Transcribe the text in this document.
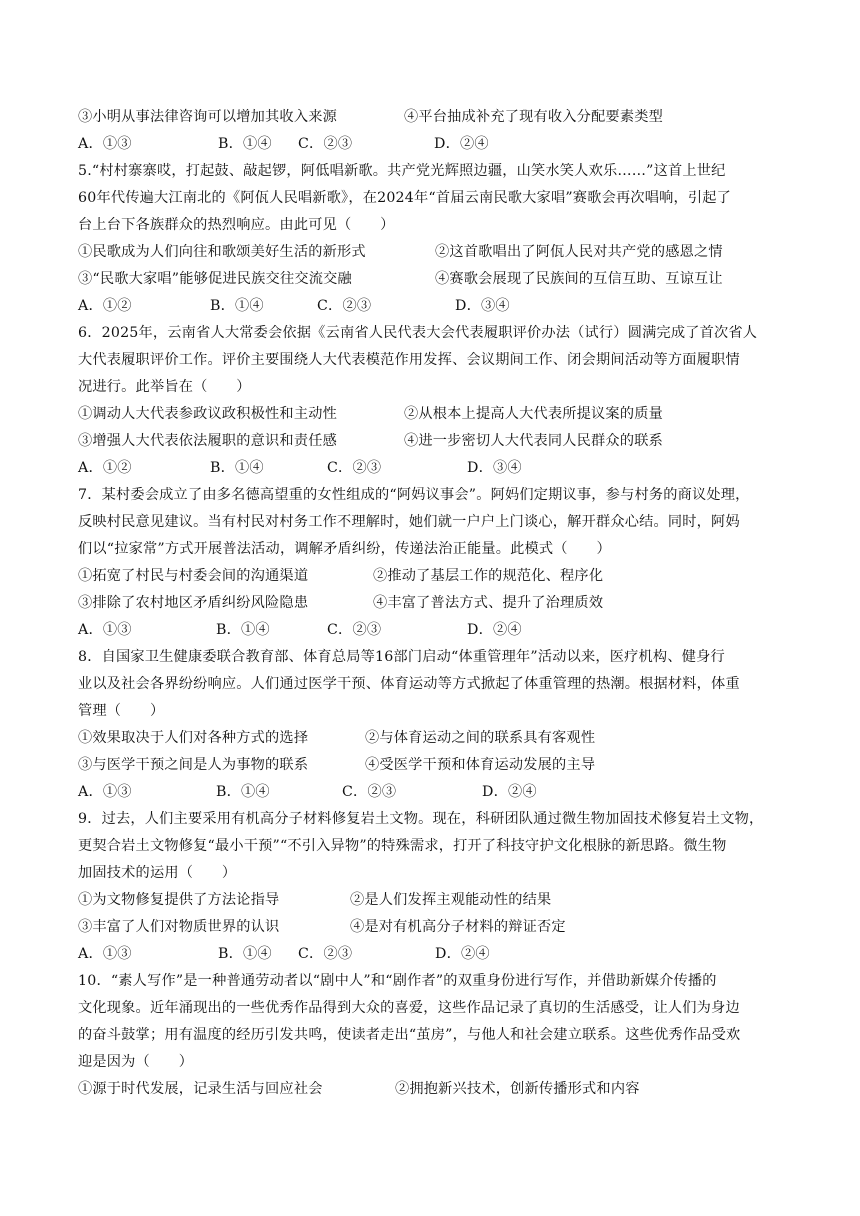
③小明从事法律咨询可以增加其收入来源	④平台抽成补充了现有收入分配要素类型
A．①③	B．①④ C．②③	D．②④
5.“村村寨寨哎，打起鼓、敲起锣，阿低唱新歌。共产党光辉照边疆，山笑水笑人欢乐……”这首上世纪
60年代传遍大江南北的《阿佤人民唱新歌》，在2024年“首届云南民歌大家唱”赛歌会再次唱响，引起了
台上台下各族群众的热烈响应。由此可见（　　）
①民歌成为人们向往和歌颂美好生活的新形式	②这首歌唱出了阿佤人民对共产党的感恩之情
③“民歌大家唱”能够促进民族交往交流交融	④赛歌会展现了民族间的互信互助、互谅互让
A．①②	B．①④	C．②③	D．③④
6．2025年，云南省人大常委会依据《云南省人民代表大会代表履职评价办法（试行）圆满完成了首次省人
大代表履职评价工作。评价主要围绕人大代表模范作用发挥、会议期间工作、闭会期间活动等方面履职情
况进行。此举旨在（　　）
①调动人大代表参政议政积极性和主动性	②从根本上提高人大代表所提议案的质量
③增强人大代表依法履职的意识和责任感	④进一步密切人大代表同人民群众的联系
A．①②	B．①④	C．②③	D．③④
7．某村委会成立了由多名德高望重的女性组成的“阿妈议事会”。阿妈们定期议事，参与村务的商议处理，
反映村民意见建议。当有村民对村务工作不理解时，她们就一户户上门谈心，解开群众心结。同时，阿妈
们以“拉家常”方式开展普法活动，调解矛盾纠纷，传递法治正能量。此模式（　　）
①拓宽了村民与村委会间的沟通渠道	②推动了基层工作的规范化、程序化
③排除了农村地区矛盾纠纷风险隐患	④丰富了普法方式、提升了治理质效
A．①③	B．①④	C．②③	D．②④
8．自国家卫生健康委联合教育部、体育总局等16部门启动“体重管理年”活动以来，医疗机构、健身行
业以及社会各界纷纷响应。人们通过医学干预、体育运动等方式掀起了体重管理的热潮。根据材料，体重
管理（　　）
①效果取决于人们对各种方式的选择	②与体育运动之间的联系具有客观性
③与医学干预之间是人为事物的联系	④受医学干预和体育运动发展的主导
A．①③	B．①④	C．②③	D．②④
9．过去，人们主要采用有机高分子材料修复岩土文物。现在，科研团队通过微生物加固技术修复岩土文物，
更契合岩土文物修复“最小干预”“不引入异物”的特殊需求，打开了科技守护文化根脉的新思路。微生物
加固技术的运用（　　）
①为文物修复提供了方法论指导	②是人们发挥主观能动性的结果
③丰富了人们对物质世界的认识	④是对有机高分子材料的辩证否定
A．①③	B．①④ C．②③	D．②④
10．“素人写作”是一种普通劳动者以“剧中人”和“剧作者”的双重身份进行写作，并借助新媒介传播的
文化现象。近年涌现出的一些优秀作品得到大众的喜爱，这些作品记录了真切的生活感受，让人们为身边
的奋斗鼓掌；用有温度的经历引发共鸣，使读者走出“茧房”，与他人和社会建立联系。这些优秀作品受欢
迎是因为（　　）
①源于时代发展，记录生活与回应社会	②拥抱新兴技术，创新传播形式和内容
